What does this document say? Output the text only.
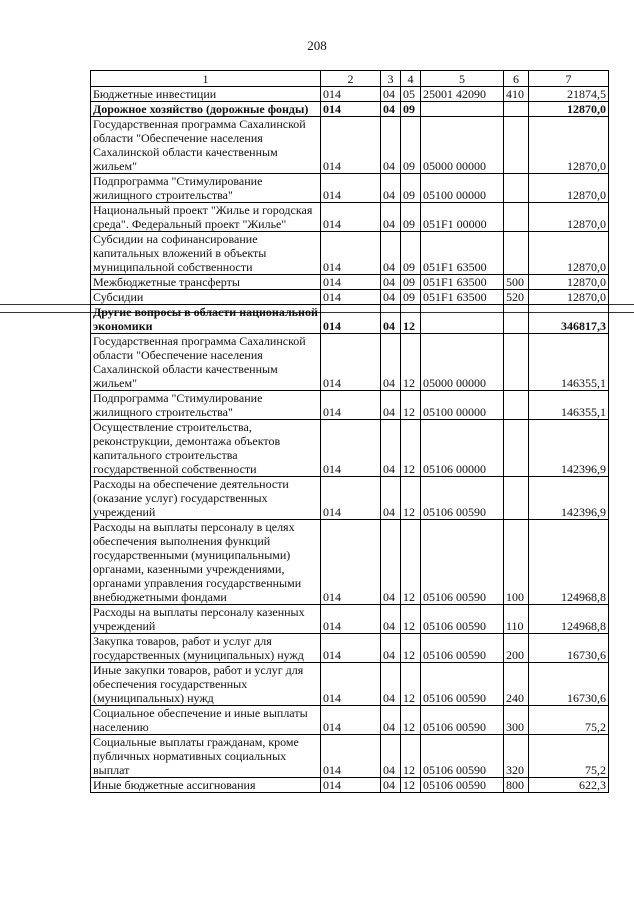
208
1	2	3	4	5	6	7
Бюджетные инвестиции	014	04	05	25001 42090	410	21874,5
Дорожное хозяйство (дорожные фонды)	014	04	09			12870,0
Государственная программа Сахалинской области "Обеспечение населения Сахалинской области качественным жильем"	014	04	09	05000 00000		12870,0
Подпрограмма "Стимулирование жилищного строительства"	014	04	09	05100 00000		12870,0
Национальный проект "Жилье и городская среда". Федеральный проект "Жилье"	014	04	09	051F1 00000		12870,0
Субсидии на софинансирование капитальных вложений в объекты муниципальной собственности	014	04	09	051F1 63500		12870,0
Межбюджетные трансферты	014	04	09	051F1 63500	500	12870,0
Субсидии	014	04	09	051F1 63500	520	12870,0
Другие вопросы в области национальной экономики	014	04	12			346817,3
Государственная программа Сахалинской области "Обеспечение населения Сахалинской области качественным жильем"	014	04	12	05000 00000		146355,1
Подпрограмма "Стимулирование жилищного строительства"	014	04	12	05100 00000		146355,1
Осуществление строительства, реконструкции, демонтажа объектов капитального строительства государственной собственности	014	04	12	05106 00000		142396,9
Расходы на обеспечение деятельности (оказание услуг) государственных учреждений	014	04	12	05106 00590		142396,9
Расходы на выплаты персоналу в целях обеспечения выполнения функций государственными (муниципальными) органами, казенными учреждениями, органами управления государственными внебюджетными фондами	014	04	12	05106 00590	100	124968,8
Расходы на выплаты персоналу казенных учреждений	014	04	12	05106 00590	110	124968,8
Закупка товаров, работ и услуг для государственных (муниципальных) нужд	014	04	12	05106 00590	200	16730,6
Иные закупки товаров, работ и услуг для обеспечения государственных (муниципальных) нужд	014	04	12	05106 00590	240	16730,6
Социальное обеспечение и иные выплаты населению	014	04	12	05106 00590	300	75,2
Социальные выплаты гражданам, кроме публичных нормативных социальных выплат	014	04	12	05106 00590	320	75,2
Иные бюджетные ассигнования	014	04	12	05106 00590	800	622,3
